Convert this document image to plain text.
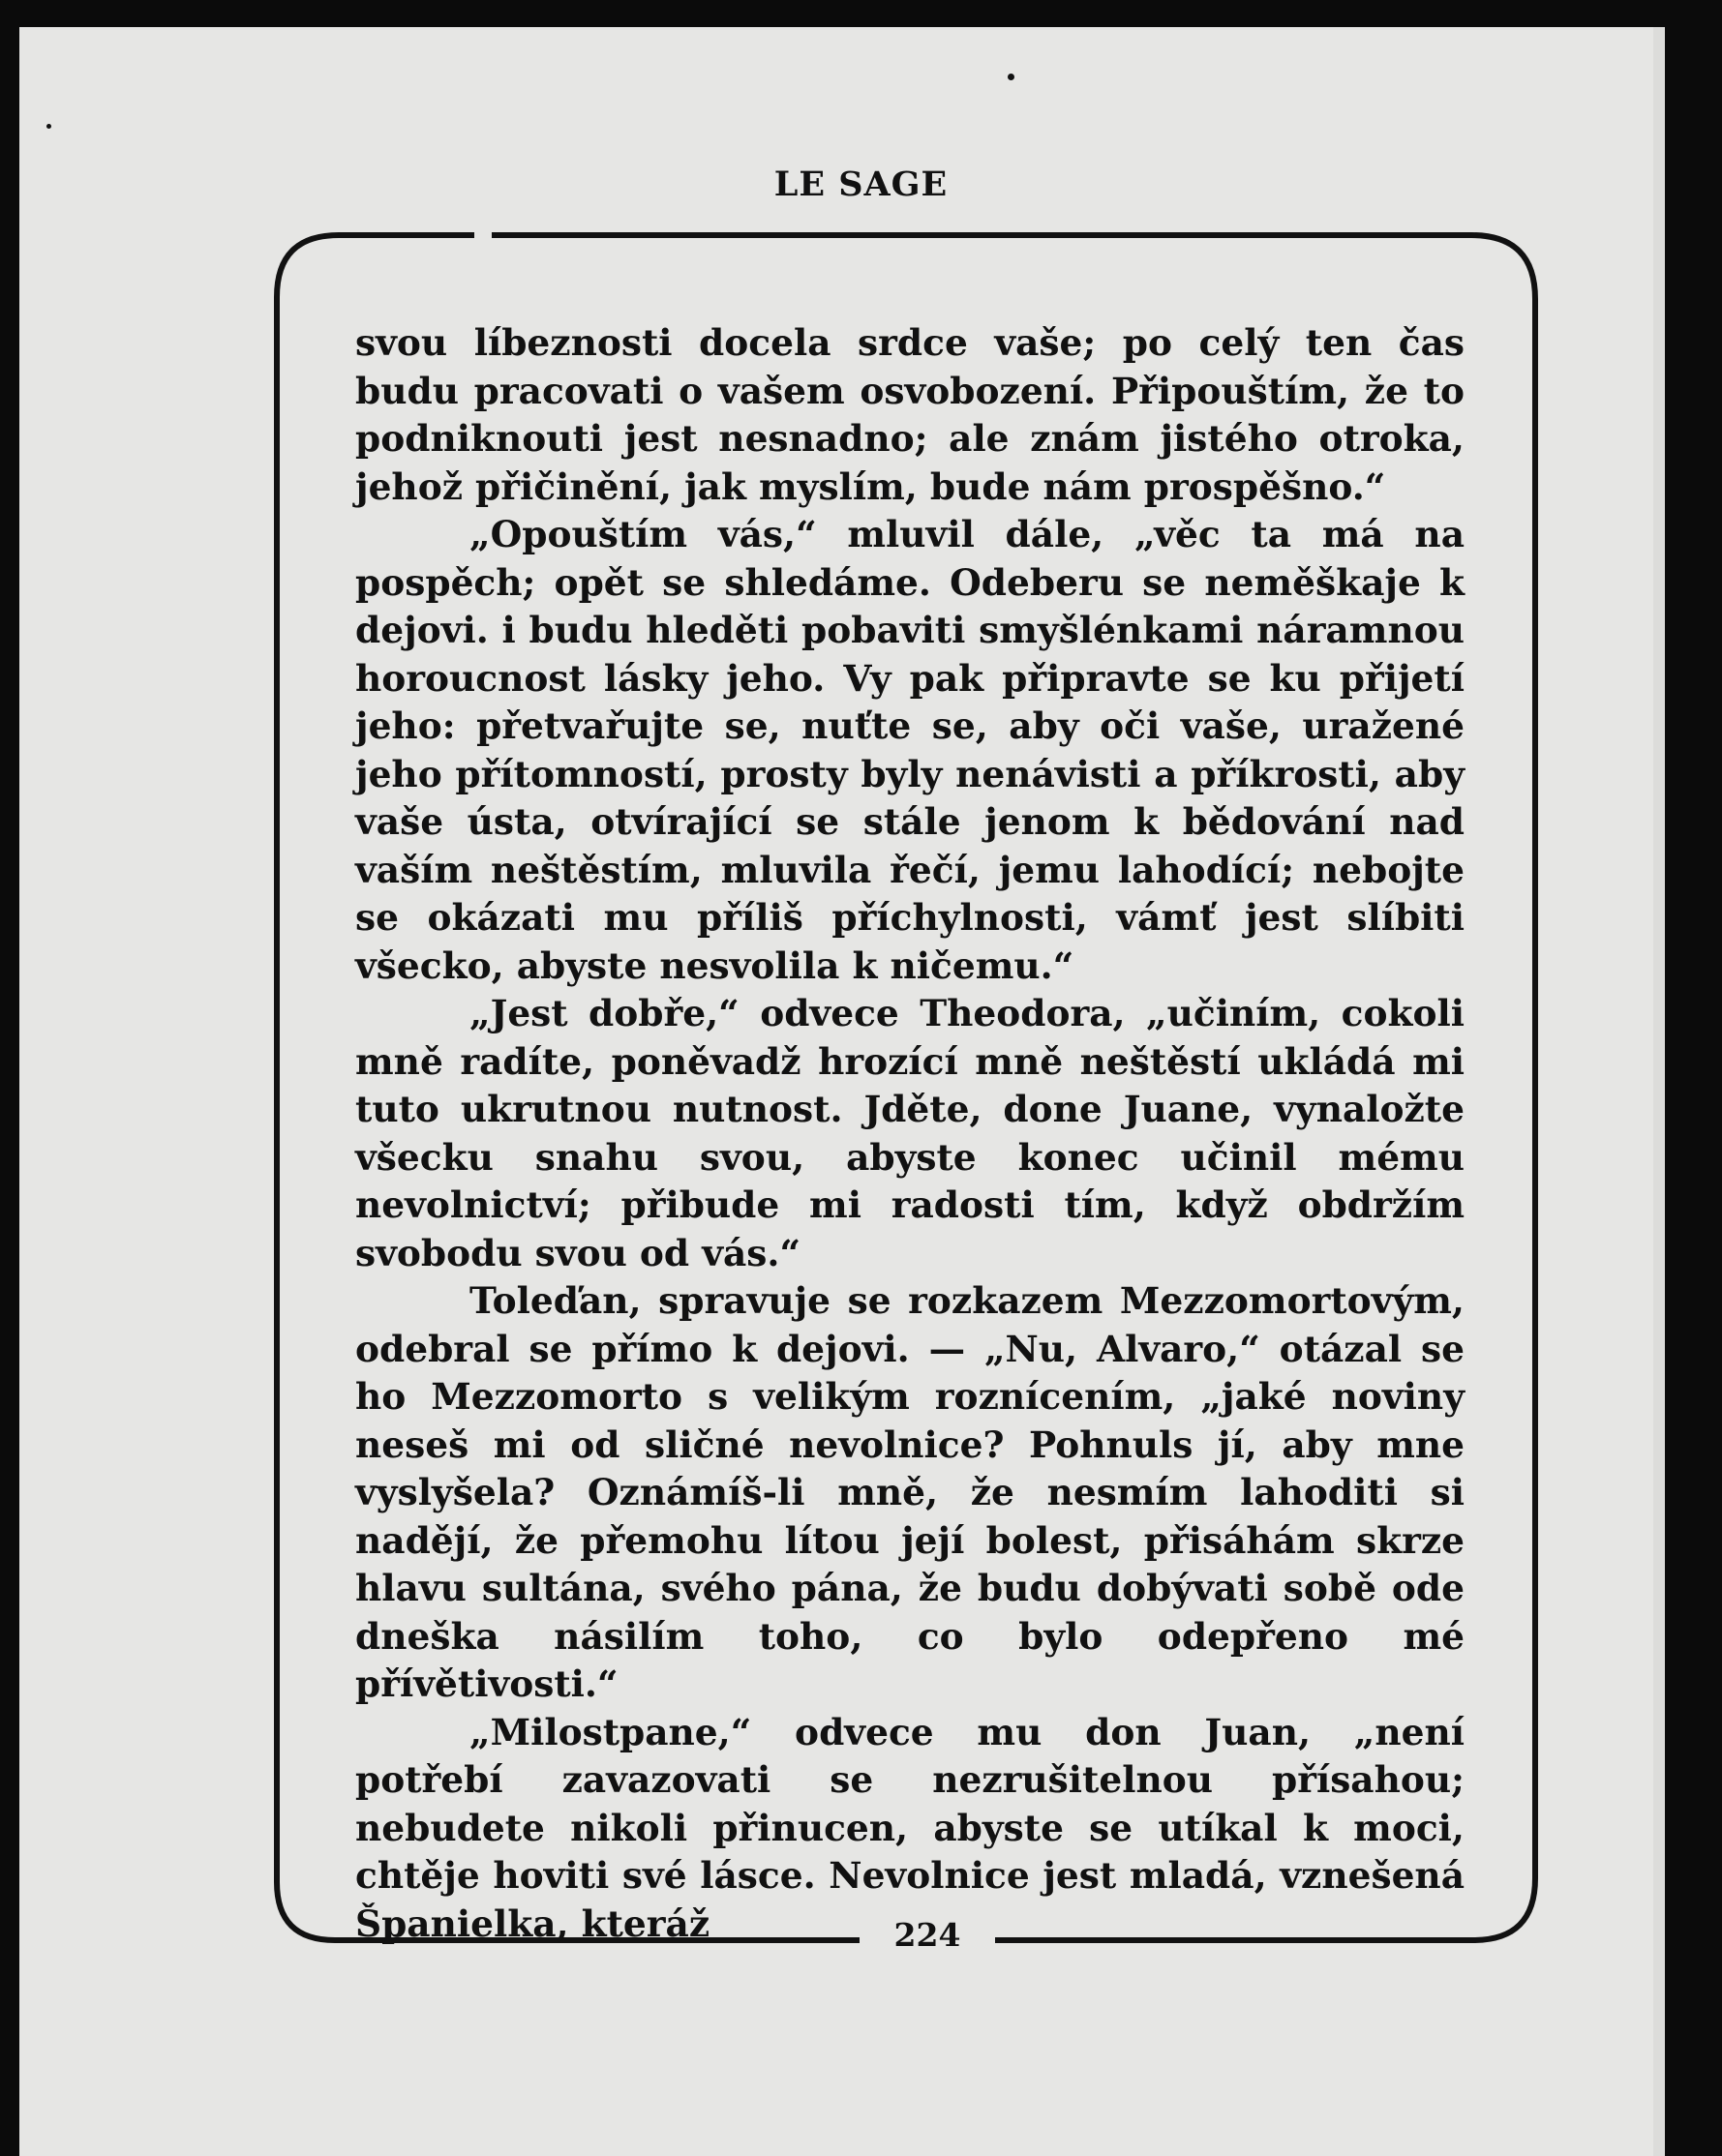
LE SAGE

svou líbeznosti docela srdce vaše; po celý ten čas budu pracovati o vašem osvobození. Připouštím, že to podniknouti jest nesnadno; ale znám jistého otroka, jehož přičinění, jak myslím, bude nám prospěšno.“

„Opouštím vás,“ mluvil dále, „věc ta má na pospěch; opět se shledáme. Odeberu se neměškaje k dejovi. i budu hleděti pobaviti smyšlénkami náramnou horoucnost lásky jeho. Vy pak připravte se ku přijetí jeho: přetvařujte se, nuťte se, aby oči vaše, uražené jeho přítomností, prosty byly nenávisti a příkrosti, aby vaše ústa, otvírající se stále jenom k bědování nad vaším neštěstím, mluvila řečí, jemu lahodící; nebojte se okázati mu příliš příchylnosti, vámť jest slíbiti všecko, abyste nesvolila k ničemu.“

„Jest dobře,“ odvece Theodora, „učiním, cokoli mně radíte, poněvadž hrozící mně neštěstí ukládá mi tuto ukrutnou nutnost. Jděte, done Juane, vynaložte všecku snahu svou, abyste konec učinil mému nevolnictví; přibude mi radosti tím, když obdržím svobodu svou od vás.“

Toleďan, spravuje se rozkazem Mezzomortovým, odebral se přímo k dejovi. — „Nu, Alvaro,“ otázal se ho Mezzomorto s velikým roznícením, „jaké noviny neseš mi od sličné nevolnice? Pohnuls jí, aby mne vyslyšela? Oznámíš-li mně, že nesmím lahoditi si nadějí, že přemohu lítou její bolest, přisáhám skrze hlavu sultána, svého pána, že budu dobývati sobě ode dneška násilím toho, co bylo odepřeno mé přívětivosti.“

„Milostpane,“ odvece mu don Juan, „není potřebí zavazovati se nezrušitelnou přísahou; nebudete nikoli přinucen, abyste se utíkal k moci, chtěje hoviti své lásce. Nevolnice jest mladá, vznešená Španielka, kteráž	224
